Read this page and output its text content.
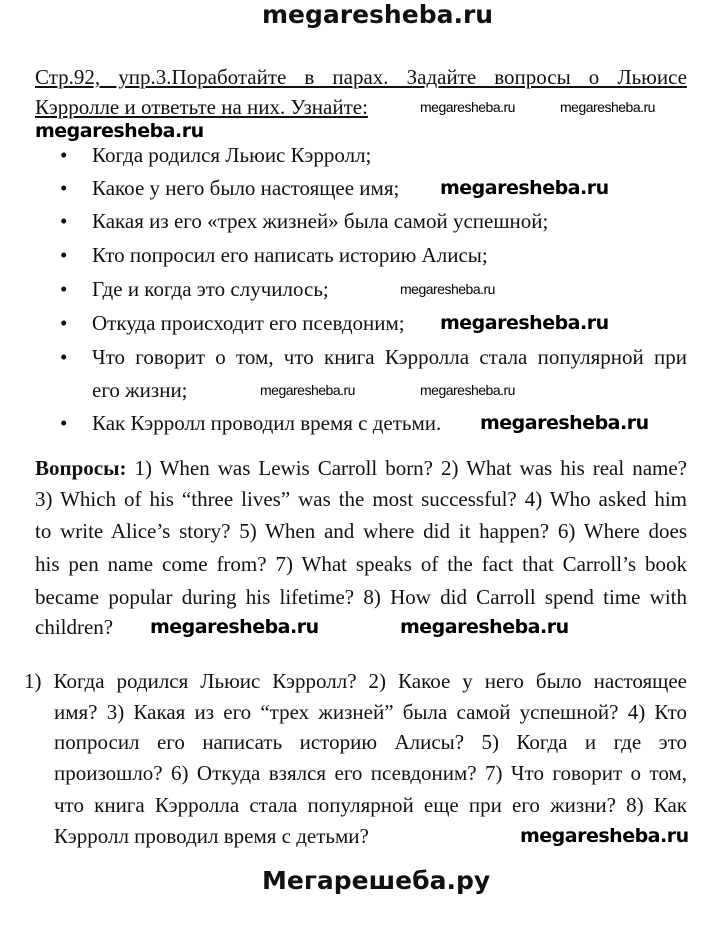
megaresheba.ru
Стр.92, упр.3.Поработайте в парах. Задайте вопросы о Льюисе
Кэрролле и ответьте на них. Узнайте:	megaresheba.ru	megaresheba.ru
megaresheba.ru
• Когда родился Льюис Кэрролл;
• Какое у него было настоящее имя; megaresheba.ru
• Какая из его «трех жизней» была самой успешной;
• Кто попросил его написать историю Алисы;
• Где и когда это случилось;	megaresheba.ru
• Откуда происходит его псевдоним; megaresheba.ru
• Что говорит о том, что книга Кэрролла стала популярной при
его жизни;	megaresheba.ru	megaresheba.ru
• Как Кэрролл проводил время с детьми. megaresheba.ru
Вопросы: 1) When was Lewis Carroll born? 2) What was his real name?
3) Which of his “three lives” was the most successful? 4) Who asked him
to write Alice’s story? 5) When and where did it happen? 6) Where does
his pen name come from? 7) What speaks of the fact that Carroll’s book
became popular during his lifetime? 8) How did Carroll spend time with
children? megaresheba.ru	megaresheba.ru
1) Когда родился Льюис Кэрролл? 2) Какое у него было настоящее
имя? 3) Какая из его “трех жизней” была самой успешной? 4) Кто
попросил его написать историю Алисы? 5) Когда и где это
произошло? 6) Откуда взялся его псевдоним? 7) Что говорит о том,
что книга Кэрролла стала популярной еще при его жизни? 8) Как
Кэрролл проводил время с детьми?	megaresheba.ru
Мегарешеба.ру
